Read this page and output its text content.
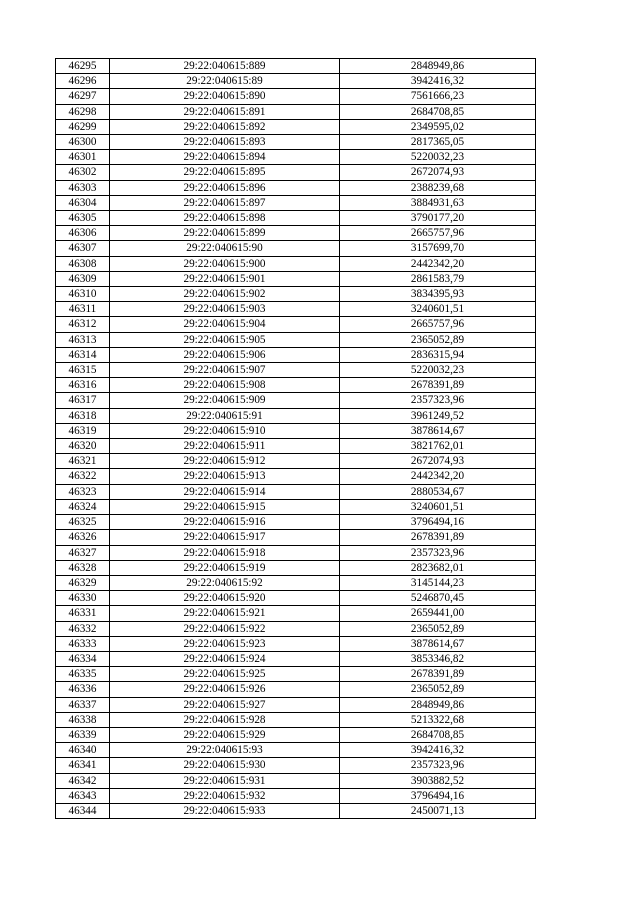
46295	29:22:040615:889	2848949,86
46296	29:22:040615:89	3942416,32
46297	29:22:040615:890	7561666,23
46298	29:22:040615:891	2684708,85
46299	29:22:040615:892	2349595,02
46300	29:22:040615:893	2817365,05
46301	29:22:040615:894	5220032,23
46302	29:22:040615:895	2672074,93
46303	29:22:040615:896	2388239,68
46304	29:22:040615:897	3884931,63
46305	29:22:040615:898	3790177,20
46306	29:22:040615:899	2665757,96
46307	29:22:040615:90	3157699,70
46308	29:22:040615:900	2442342,20
46309	29:22:040615:901	2861583,79
46310	29:22:040615:902	3834395,93
46311	29:22:040615:903	3240601,51
46312	29:22:040615:904	2665757,96
46313	29:22:040615:905	2365052,89
46314	29:22:040615:906	2836315,94
46315	29:22:040615:907	5220032,23
46316	29:22:040615:908	2678391,89
46317	29:22:040615:909	2357323,96
46318	29:22:040615:91	3961249,52
46319	29:22:040615:910	3878614,67
46320	29:22:040615:911	3821762,01
46321	29:22:040615:912	2672074,93
46322	29:22:040615:913	2442342,20
46323	29:22:040615:914	2880534,67
46324	29:22:040615:915	3240601,51
46325	29:22:040615:916	3796494,16
46326	29:22:040615:917	2678391,89
46327	29:22:040615:918	2357323,96
46328	29:22:040615:919	2823682,01
46329	29:22:040615:92	3145144,23
46330	29:22:040615:920	5246870,45
46331	29:22:040615:921	2659441,00
46332	29:22:040615:922	2365052,89
46333	29:22:040615:923	3878614,67
46334	29:22:040615:924	3853346,82
46335	29:22:040615:925	2678391,89
46336	29:22:040615:926	2365052,89
46337	29:22:040615:927	2848949,86
46338	29:22:040615:928	5213322,68
46339	29:22:040615:929	2684708,85
46340	29:22:040615:93	3942416,32
46341	29:22:040615:930	2357323,96
46342	29:22:040615:931	3903882,52
46343	29:22:040615:932	3796494,16
46344	29:22:040615:933	2450071,13
